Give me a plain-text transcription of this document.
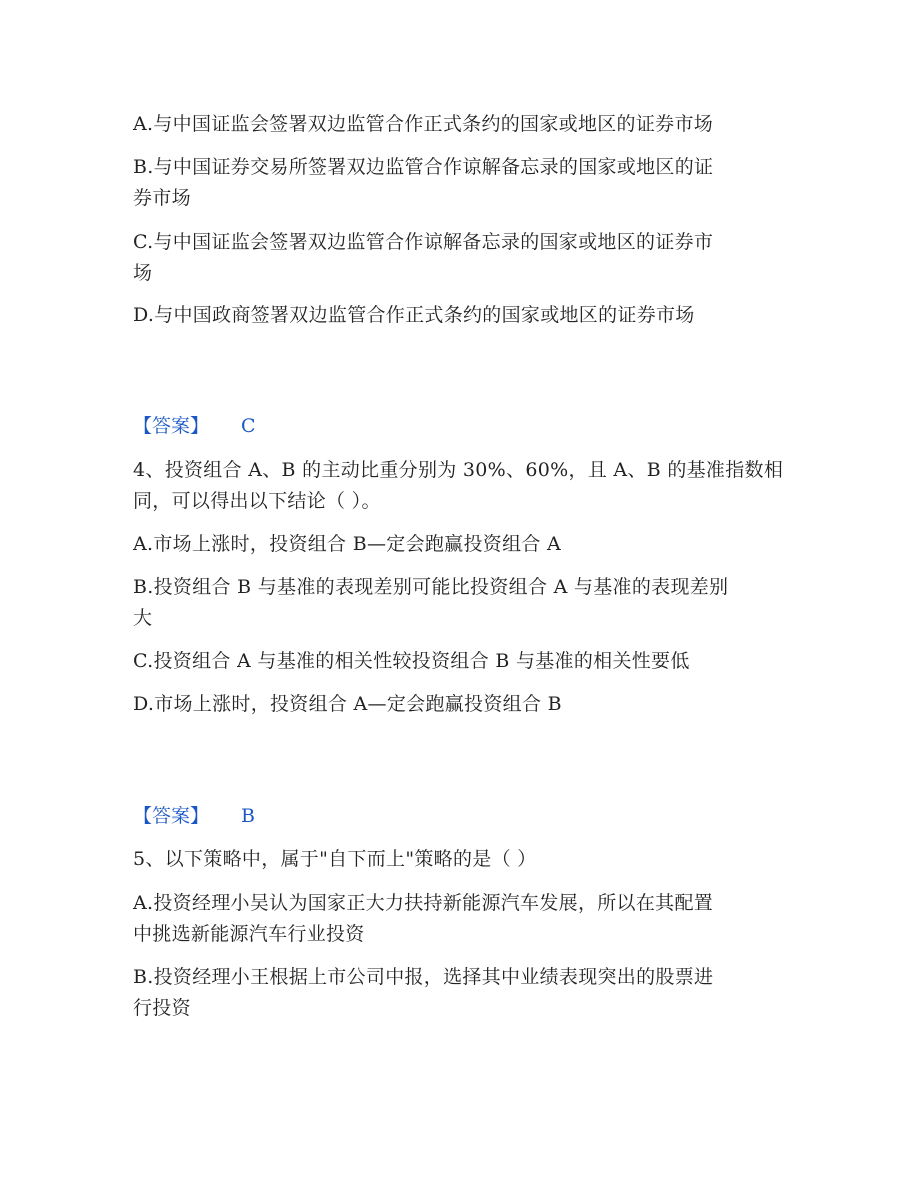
A.与中国证监会签署双边监管合作正式条约的国家或地区的证券市场
B.与中国证券交易所签署双边监管合作谅解备忘录的国家或地区的证
券市场
C.与中国证监会签署双边监管合作谅解备忘录的国家或地区的证券市
场
D.与中国政商签署双边监管合作正式条约的国家或地区的证券市场
【答案】 C
4、投资组合 A、B 的主动比重分别为 30%、60%，且 A、B 的基准指数相
同，可以得出以下结论（ ）。
A.市场上涨时，投资组合 B—定会跑赢投资组合 A
B.投资组合 B 与基准的表现差别可能比投资组合 A 与基准的表现差别
大
C.投资组合 A 与基准的相关性较投资组合 B 与基准的相关性要低
D.市场上涨时，投资组合 A—定会跑赢投资组合 B
【答案】 B
5、以下策略中，属于"自下而上"策略的是（ ）
A.投资经理小吴认为国家正大力扶持新能源汽车发展，所以在其配置
中挑选新能源汽车行业投资
B.投资经理小王根据上市公司中报，选择其中业绩表现突出的股票进
行投资
